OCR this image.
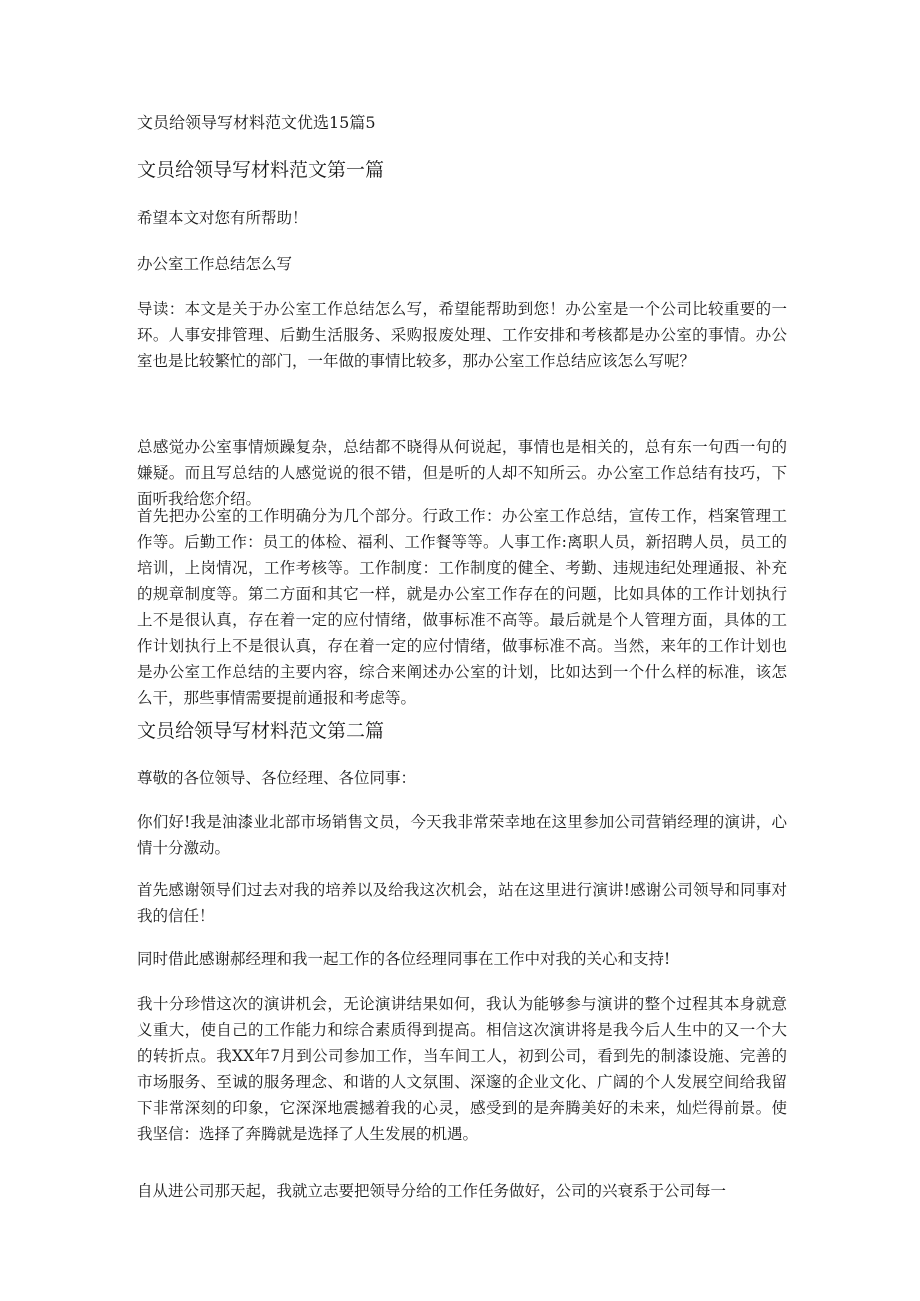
文员给领导写材料范文优选15篇5
文员给领导写材料范文第一篇

希望本文对您有所帮助！

办公室工作总结怎么写

导读：本文是关于办公室工作总结怎么写，希望能帮助到您！办公室是一个公司比较重要的一环。人事安排管理、后勤生活服务、采购报废处理、工作安排和考核都是办公室的事情。办公室也是比较繁忙的部门，一年做的事情比较多，那办公室工作总结应该怎么写呢？

总感觉办公室事情烦躁复杂，总结都不晓得从何说起，事情也是相关的，总有东一句西一句的嫌疑。而且写总结的人感觉说的很不错，但是听的人却不知所云。办公室工作总结有技巧，下面听我给您介绍。

首先把办公室的工作明确分为几个部分。行政工作：办公室工作总结，宣传工作，档案管理工作等。后勤工作：员工的体检、福利、工作餐等等。人事工作:离职人员，新招聘人员，员工的培训，上岗情况，工作考核等。工作制度：工作制度的健全、考勤、违规违纪处理通报、补充的规章制度等。第二方面和其它一样，就是办公室工作存在的问题，比如具体的工作计划执行上不是很认真，存在着一定的应付情绪，做事标准不高等。最后就是个人管理方面，具体的工作计划执行上不是很认真，存在着一定的应付情绪，做事标准不高。当然，来年的工作计划也是办公室工作总结的主要内容，综合来阐述办公室的计划，比如达到一个什么样的标准，该怎么干，那些事情需要提前通报和考虑等。

文员给领导写材料范文第二篇

尊敬的各位领导、各位经理、各位同事：

你们好!我是油漆业北部市场销售文员，今天我非常荣幸地在这里参加公司营销经理的演讲，心情十分激动。

首先感谢领导们过去对我的培养以及给我这次机会，站在这里进行演讲!感谢公司领导和同事对我的信任！

同时借此感谢郝经理和我一起工作的各位经理同事在工作中对我的关心和支持!

我十分珍惜这次的演讲机会，无论演讲结果如何，我认为能够参与演讲的整个过程其本身就意义重大，使自己的工作能力和综合素质得到提高。相信这次演讲将是我今后人生中的又一个大的转折点。我XX年7月到公司参加工作，当车间工人，初到公司，看到先的制漆设施、完善的市场服务、至诚的服务理念、和谐的人文氛围、深邃的企业文化、广阔的个人发展空间给我留下非常深刻的印象，它深深地震撼着我的心灵，感受到的是奔腾美好的未来，灿烂得前景。使我坚信：选择了奔腾就是选择了人生发展的机遇。

自从进公司那天起，我就立志要把领导分给的工作任务做好，公司的兴衰系于公司每一
